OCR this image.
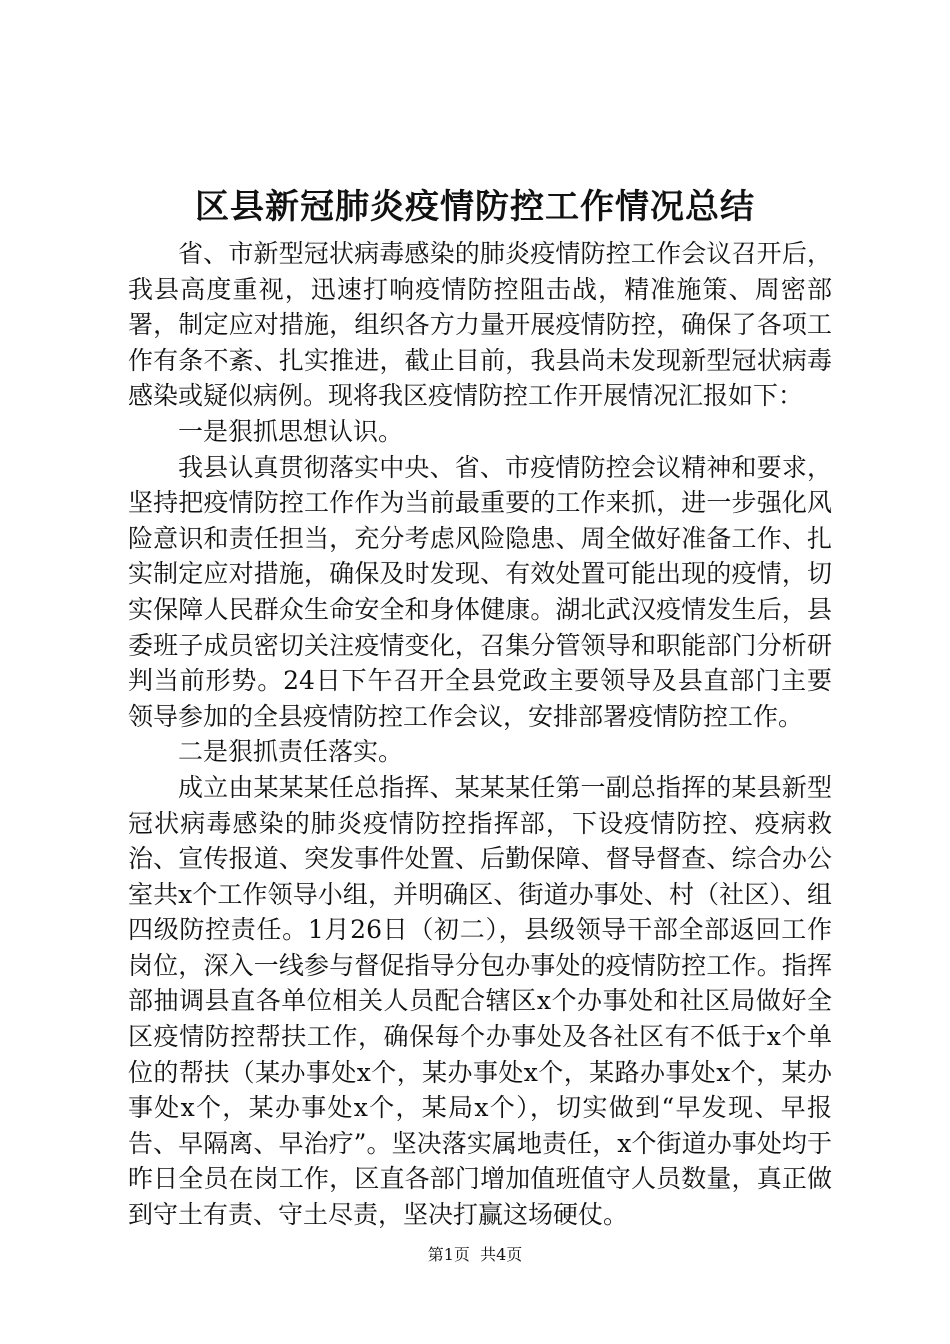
区县新冠肺炎疫情防控工作情况总结

省、市新型冠状病毒感染的肺炎疫情防控工作会议召开后，我县高度重视，迅速打响疫情防控阻击战，精准施策、周密部署，制定应对措施，组织各方力量开展疫情防控，确保了各项工作有条不紊、扎实推进，截止目前，我县尚未发现新型冠状病毒感染或疑似病例。现将我区疫情防控工作开展情况汇报如下：

一是狠抓思想认识。

我县认真贯彻落实中央、省、市疫情防控会议精神和要求，坚持把疫情防控工作作为当前最重要的工作来抓，进一步强化风险意识和责任担当，充分考虑风险隐患、周全做好准备工作、扎实制定应对措施，确保及时发现、有效处置可能出现的疫情，切实保障人民群众生命安全和身体健康。湖北武汉疫情发生后，县委班子成员密切关注疫情变化，召集分管领导和职能部门分析研判当前形势。24日下午召开全县党政主要领导及县直部门主要领导参加的全县疫情防控工作会议，安排部署疫情防控工作。

二是狠抓责任落实。

成立由某某某任总指挥、某某某任第一副总指挥的某县新型冠状病毒感染的肺炎疫情防控指挥部，下设疫情防控、疫病救治、宣传报道、突发事件处置、后勤保障、督导督查、综合办公室共x个工作领导小组，并明确区、街道办事处、村（社区）、组四级防控责任。1月26日（初二），县级领导干部全部返回工作岗位，深入一线参与督促指导分包办事处的疫情防控工作。指挥部抽调县直各单位相关人员配合辖区x个办事处和社区局做好全区疫情防控帮扶工作，确保每个办事处及各社区有不低于x个单位的帮扶（某办事处x个，某办事处x个，某路办事处x个，某办事处x个，某办事处x个，某局x个），切实做到“早发现、早报告、早隔离、早治疗”。坚决落实属地责任，x个街道办事处均于昨日全员在岗工作，区直各部门增加值班值守人员数量，真正做到守土有责、守土尽责，坚决打赢这场硬仗。

第1页 共4页
